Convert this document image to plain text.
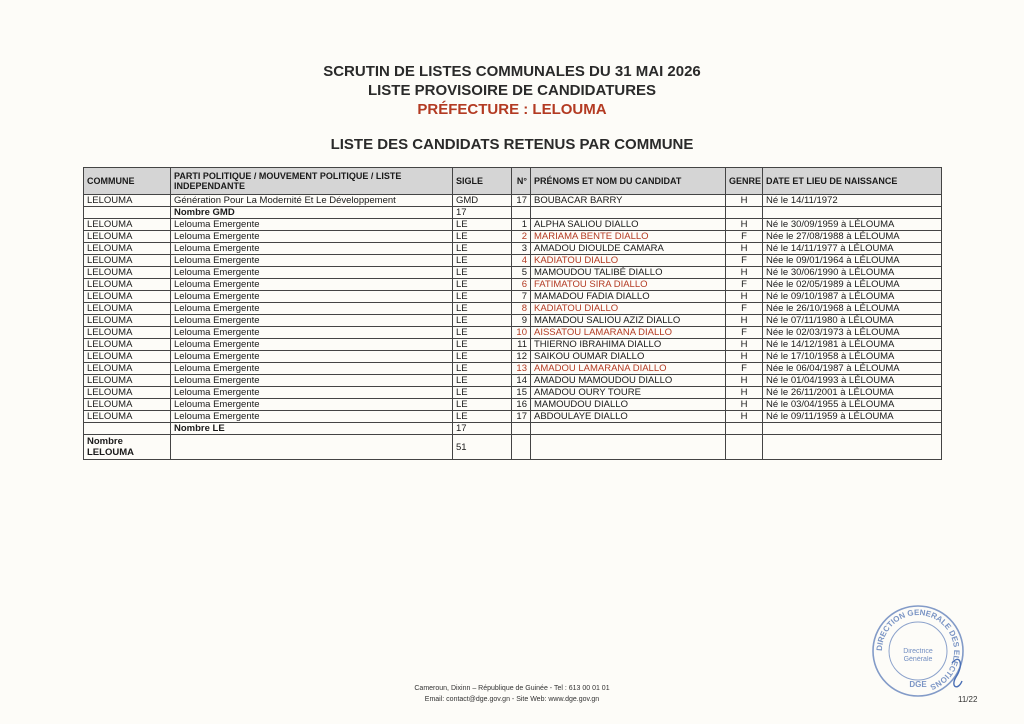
SCRUTIN DE LISTES COMMUNALES DU 31 MAI 2026
LISTE PROVISOIRE DE CANDIDATURES
PRÉFECTURE : LELOUMA
LISTE DES CANDIDATS RETENUS PAR COMMUNE
COMMUNE	PARTI POLITIQUE / MOUVEMENT POLITIQUE / LISTE INDEPENDANTE	SIGLE	N°	PRÉNOMS ET NOM DU CANDIDAT	GENRE	DATE ET LIEU DE NAISSANCE
LELOUMA	Génération Pour La Modernité Et Le Développement	GMD	17	BOUBACAR BARRY	H	Né le 14/11/1972
	Nombre GMD	17				
LELOUMA	Lelouma Emergente	LE	1	ALPHA SALIOU DIALLO	H	Né le 30/09/1959 à LÉLOUMA
LELOUMA	Lelouma Emergente	LE	2	MARIAMA BENTE DIALLO	F	Née le 27/08/1988 à LÉLOUMA
LELOUMA	Lelouma Emergente	LE	3	AMADOU DIOULDE CAMARA	H	Né le 14/11/1977 à LÉLOUMA
LELOUMA	Lelouma Emergente	LE	4	KADIATOU DIALLO	F	Née le 09/01/1964 à LÉLOUMA
LELOUMA	Lelouma Emergente	LE	5	MAMOUDOU TALIBÉ DIALLO	H	Né le 30/06/1990 à LÉLOUMA
LELOUMA	Lelouma Emergente	LE	6	FATIMATOU SIRA DIALLO	F	Née le 02/05/1989 à LÉLOUMA
LELOUMA	Lelouma Emergente	LE	7	MAMADOU FADIA DIALLO	H	Né le 09/10/1987 à LÉLOUMA
LELOUMA	Lelouma Emergente	LE	8	KADIATOU DIALLO	F	Née le 26/10/1968 à LÉLOUMA
LELOUMA	Lelouma Emergente	LE	9	MAMADOU SALIOU AZIZ DIALLO	H	Né le 07/11/1980 à LÉLOUMA
LELOUMA	Lelouma Emergente	LE	10	AISSATOU LAMARANA DIALLO	F	Née le 02/03/1973 à LÉLOUMA
LELOUMA	Lelouma Emergente	LE	11	THIERNO IBRAHIMA DIALLO	H	Né le 14/12/1981 à LÉLOUMA
LELOUMA	Lelouma Emergente	LE	12	SAIKOU OUMAR DIALLO	H	Né le 17/10/1958 à LÉLOUMA
LELOUMA	Lelouma Emergente	LE	13	AMADOU LAMARANA DIALLO	F	Née le 06/04/1987 à LÉLOUMA
LELOUMA	Lelouma Emergente	LE	14	AMADOU MAMOUDOU DIALLO	H	Né le 01/04/1993 à LÉLOUMA
LELOUMA	Lelouma Emergente	LE	15	AMADOU OURY TOURE	H	Né le 26/11/2001 à LÉLOUMA
LELOUMA	Lelouma Emergente	LE	16	MAMOUDOU DIALLO	H	Né le 03/04/1955 à LÉLOUMA
LELOUMA	Lelouma Emergente	LE	17	ABDOULAYE DIALLO	H	Né le 09/11/1959 à LÉLOUMA
	Nombre LE	17				
Nombre LELOUMA		51				
DIRECTION GENERALE DES ELECTIONS
Directrice
Générale
DGE
Cameroun, Dixinn – République de Guinée - Tel : 613 00 01 01
Email: contact@dge.gov.gn - Site Web: www.dge.gov.gn	11/22
